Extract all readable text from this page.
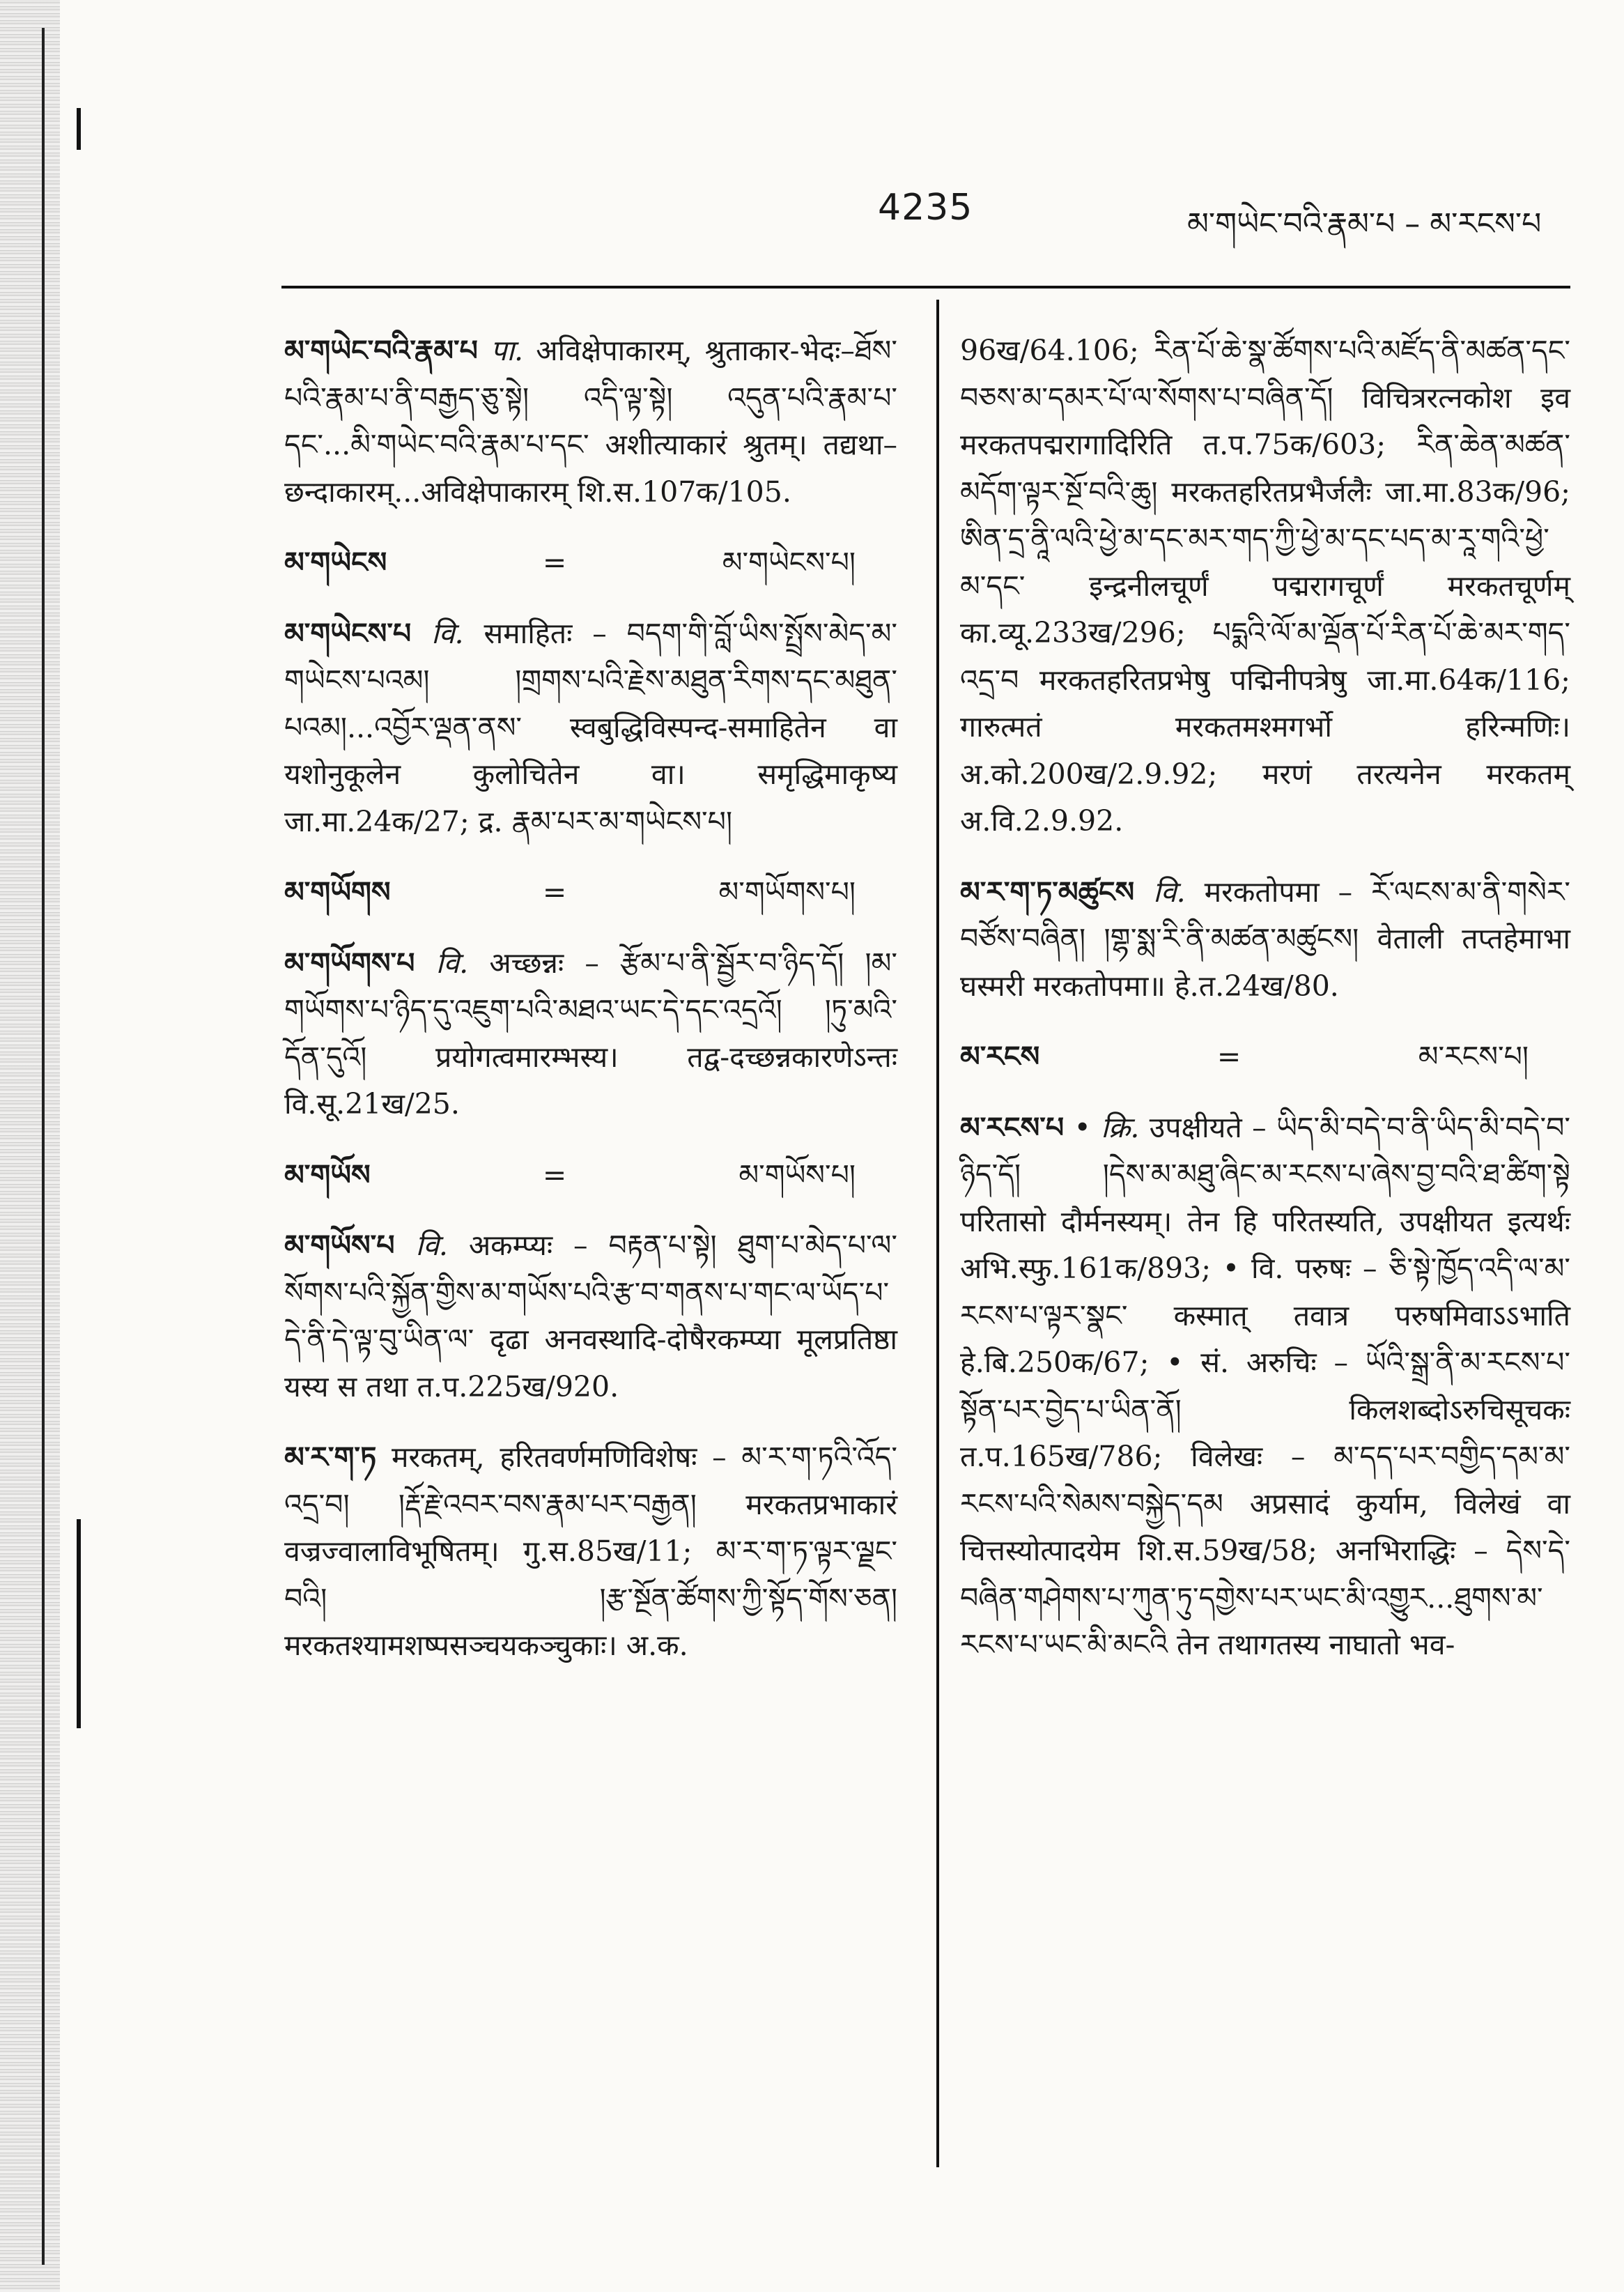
4235	མ་གཡེང་བའི་རྣམ་པ – མ་རངས་པ
མ་གཡེང་བའི་རྣམ་པ पा. अविक्षेपाकारम्, श्रुताकार-भेदः–ཐོས་པའི་རྣམ་པ་ནི་བརྒྱད་ཅུ་སྟེ། འདི་ལྟ་སྟེ། འདུན་པའི་རྣམ་པ་དང་...མི་གཡེང་བའི་རྣམ་པ་དང་ अशीत्याकारं श्रुतम्। तद्यथा–छन्दाकारम्...अविक्षेपाकारम् शि.स.107क/105.
མ་གཡེངས	=	མ་གཡེངས་པ།
མ་གཡེངས་པ वि. समाहितः – བདག་གི་བློ་ཡིས་སྤྲོས་མེད་མ་གཡེངས་པའམ། །གྲགས་པའི་རྗེས་མཐུན་རིགས་དང་མཐུན་པའམ།...འབྱོར་ལྡན་ནས་ स्वबुद्धिविस्पन्द-समाहितेन वा यशोनुकूलेन कुलोचितेन वा। समृद्धिमाकृष्य जा.मा.24क/27; द्र. རྣམ་པར་མ་གཡེངས་པ།
མ་གཡོགས	=	མ་གཡོགས་པ།
མ་གཡོགས་པ वि. अच्छन्नः – རྩོམ་པ་ནི་སྦྱོར་བ་ཉིད་དོ། །མ་གཡོགས་པ་ཉིད་དུ་འཇུག་པའི་མཐའ་ཡང་དེ་དང་འདྲའོ། །ཏུ་མའི་དོན་དུའོ། प्रयोगत्वमारम्भस्य। तद्व-दच्छन्नकारणेऽन्तः वि.सू.21ख/25.
མ་གཡོས	=	མ་གཡོས་པ།
མ་གཡོས་པ वि. अकम्प्यः – བརྟན་པ་སྟེ། ཐུག་པ་མེད་པ་ལ་སོགས་པའི་སྐྱོན་གྱིས་མ་གཡོས་པའི་རྩ་བ་གནས་པ་གང་ལ་ཡོད་པ་དེ་ནི་དེ་ལྟ་བུ་ཡིན་ལ་ दृढा अनवस्थादि-दोषैरकम्प्या मूलप्रतिष्ठा यस्य स तथा त.प.225ख/920.
མ་ར་ག་ཏ मरकतम्, हरितवर्णमणिविशेषः – མ་ར་ག་ཏའི་འོད་འདྲ་བ། །རྡོ་རྗེ་འབར་བས་རྣམ་པར་བརྒྱན། मरकतप्रभाकारं वज्रज्वालाविभूषितम्। गु.स.85ख/11; མ་ར་ག་ཏ་ལྟར་ལྗང་བའི། །རྩ་སྔོན་ཚོགས་ཀྱི་སྟོད་གོས་ཅན། मरकतश्यामशष्पसञ्चयकञ्चुकाः। अ.क.
96ख/64.106; རིན་པོ་ཆེ་སྣ་ཚོགས་པའི་མཛོད་ནི་མཚན་དང་བཅས་མ་དམར་པོ་ལ་སོགས་པ་བཞིན་དོ། विचित्ररत्नकोश इव मरकतपद्मरागादिरिति त.प.75क/603; རིན་ཆེན་མཚན་མདོག་ལྟར་སྔོ་བའི་ཆུ། मरकतहरितप्रभैर्जलैः जा.मा.83क/96; ཨིན་དྲ་ནཱི་ལའི་ཕྱེ་མ་དང་མར་གད་ཀྱི་ཕྱེ་མ་དང་པད་མ་རཱ་གའི་ཕྱེ་མ་དང་ इन्द्रनीलचूर्णं पद्मरागचूर्णं मरकतचूर्णम् का.व्यू.233ख/296; པདྨའི་ལོ་མ་ལྡོན་པོ་རིན་པོ་ཆེ་མར་གད་འདྲ་བ मरकतहरितप्रभेषु पद्मिनीपत्रेषु जा.मा.64क/116; गारुत्मतं मरकतमश्मगर्भो हरिन्मणिः। अ.को.200ख/2.9.92; मरणं तरत्यनेन मरकतम् अ.वि.2.9.92.
མ་ར་ག་ཏ་མཚུངས वि. मरकतोपमा – རོ་ལངས་མ་ནི་གསེར་བཙོས་བཞིན། །གྷ་སྨ་རི་ནི་མཚན་མཚུངས། वेताली तप्तहेमाभा घस्मरी मरकतोपमा॥ हे.त.24ख/80.
མ་རངས	=	མ་རངས་པ།
མ་རངས་པ • क्रि. उपक्षीयते – ཡིད་མི་བདེ་བ་ནི་ཡིད་མི་བདེ་བ་ཉིད་དོ། །དེས་མ་མཐུ་ཞིང་མ་རངས་པ་ཞེས་བྱ་བའི་ཐ་ཚིག་སྟེ परितासो दौर्मनस्यम्। तेन हि परितस्यति, उपक्षीयत इत्यर्थः अभि.स्फु.161क/893; • वि. परुषः – ཅི་སྟེ་ཁྱོད་འདི་ལ་མ་རངས་པ་ལྟར་སྣང་ कस्मात् तवात्र परुषमिवाऽऽभाति हे.बि.250क/67; • सं. अरुचिः – ཡོའི་སྒྲ་ནི་མ་རངས་པ་སྟོན་པར་བྱེད་པ་ཡིན་ནོ། किलशब्दोऽरुचिसूचकः त.प.165ख/786; विलेखः – མ་དད་པར་བགྱིད་དམ་མ་རངས་པའི་སེམས་བསྐྱེད་དམ अप्रसादं कुर्याम, विलेखं वा चित्तस्योत्पादयेम शि.स.59ख/58; अनभिराद्धिः – དེས་དེ་བཞིན་གཤེགས་པ་ཀུན་ཏུ་དགྱེས་པར་ཡང་མི་འགྱུར...ཐུགས་མ་རངས་པ་ཡང་མི་མངའི तेन तथागतस्य नाघातो भव-
